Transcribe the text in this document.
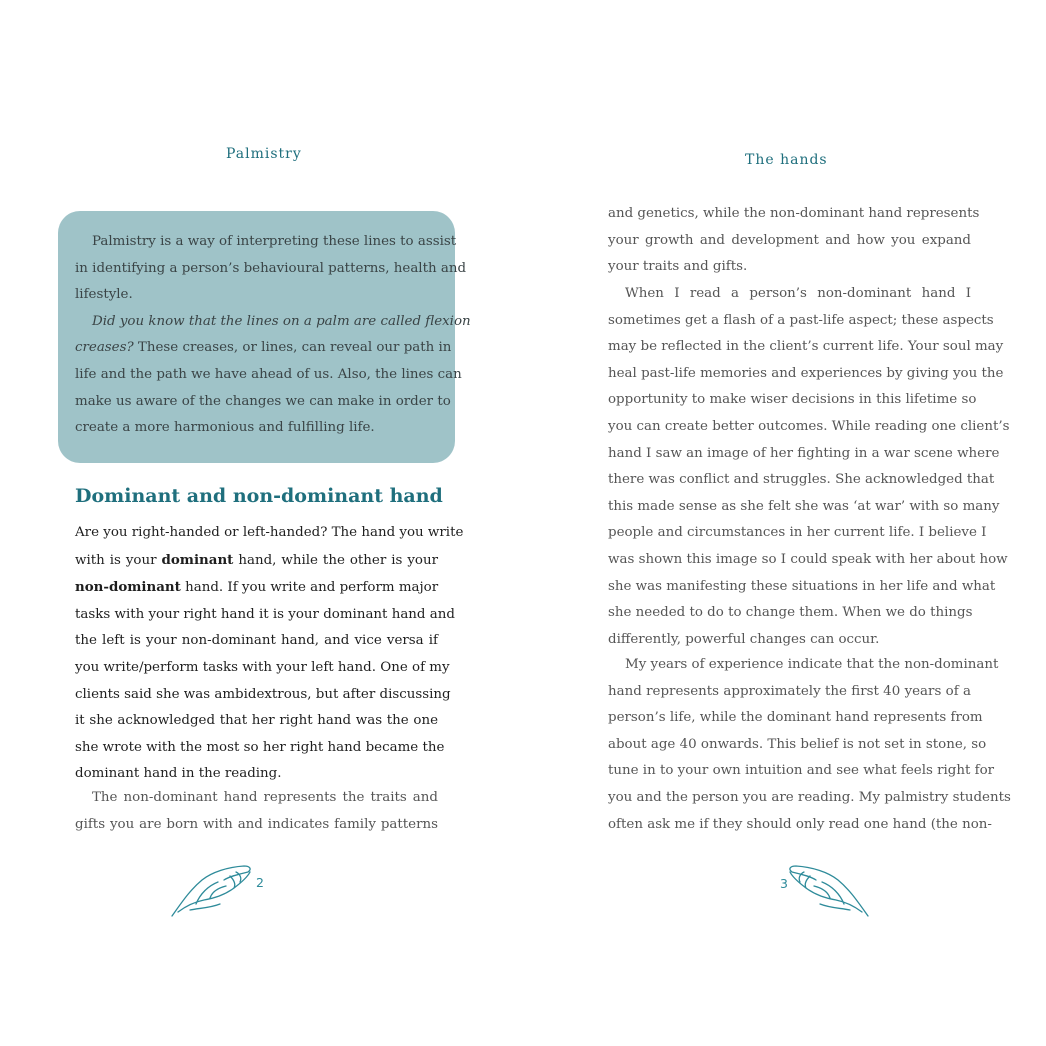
Palmistry
Palmistry is a way of interpreting these lines to assist
in identifying a person’s behavioural patterns, health and
lifestyle.
Did you know that the lines on a palm are called flexion
creases? These creases, or lines, can reveal our path in
life and the path we have ahead of us. Also, the lines can
make us aware of the changes we can make in order to
create a more harmonious and fulfilling life.
Dominant and non-dominant hand
Are you right-handed or left-handed? The hand you write
with is your dominant hand, while the other is your
non-dominant hand. If you write and perform major
tasks with your right hand it is your dominant hand and
the left is your non-dominant hand, and vice versa if
you write/perform tasks with your left hand. One of my
clients said she was ambidextrous, but after discussing
it she acknowledged that her right hand was the one
she wrote with the most so her right hand became the
dominant hand in the reading.
The non-dominant hand represents the traits and
gifts you are born with and indicates family patterns
2
The hands
and genetics, while the non-dominant hand represents
your growth and development and how you expand
your traits and gifts.
When I read a person’s non-dominant hand I
sometimes get a flash of a past-life aspect; these aspects
may be reflected in the client’s current life. Your soul may
heal past-life memories and experiences by giving you the
opportunity to make wiser decisions in this lifetime so
you can create better outcomes. While reading one client’s
hand I saw an image of her fighting in a war scene where
there was conflict and struggles. She acknowledged that
this made sense as she felt she was ‘at war’ with so many
people and circumstances in her current life. I believe I
was shown this image so I could speak with her about how
she was manifesting these situations in her life and what
she needed to do to change them. When we do things
differently, powerful changes can occur.
My years of experience indicate that the non-dominant
hand represents approximately the first 40 years of a
person’s life, while the dominant hand represents from
about age 40 onwards. This belief is not set in stone, so
tune in to your own intuition and see what feels right for
you and the person you are reading. My palmistry students
often ask me if they should only read one hand (the non-
3
